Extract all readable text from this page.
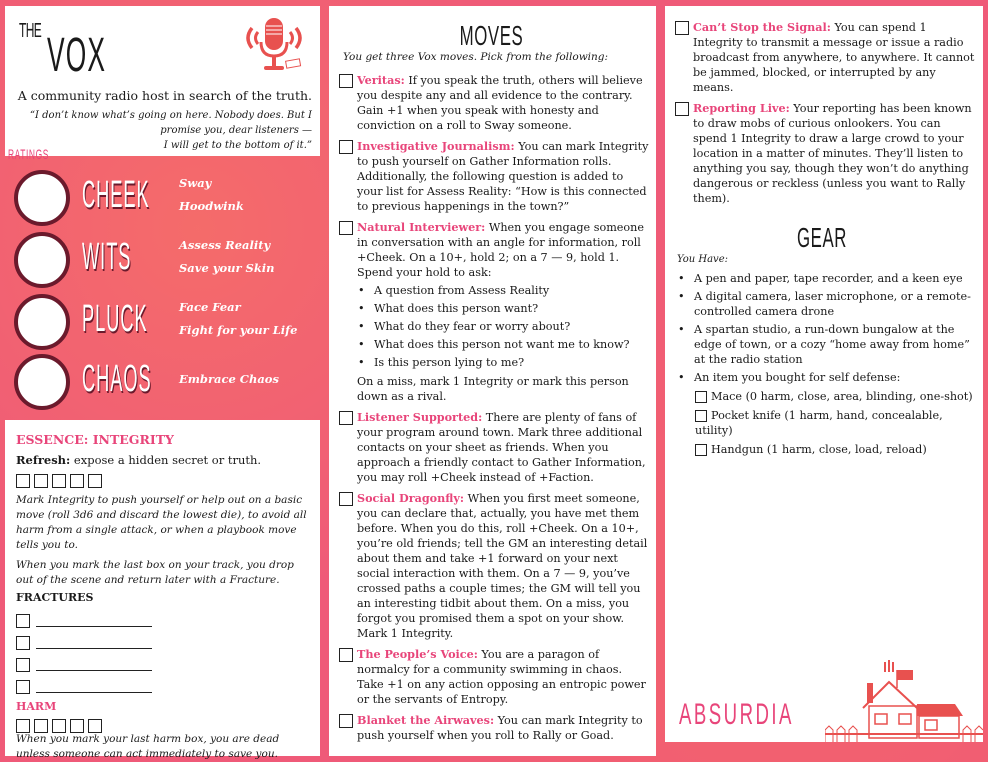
THE VOX
A community radio host in search of the truth.
“I don’t know what’s going on here. Nobody does. But I promise you, dear listeners —
I will get to the bottom of it.”
RATINGS
CHEEK	Sway
Hoodwink
WITS	Assess Reality
Save your Skin
PLUCK	Face Fear
Fight for your Life
CHAOS Embrace Chaos
ESSENCE: INTEGRITY
Refresh: expose a hidden secret or truth.
Mark Integrity to push yourself or help out on a basic move (roll 3d6 and discard the lowest die), to avoid all harm from a single attack, or when a playbook move tells you to.
When you mark the last box on your track, you drop out of the scene and return later with a Fracture.
FRACTURES
HARM
When you mark your last harm box, you are dead unless someone can act immediately to save you.
MOVES
You get three Vox moves. Pick from the following:
Veritas: If you speak the truth, others will believe you despite any and all evidence to the contrary. Gain +1 when you speak with honesty and conviction on a roll to Sway someone.
Investigative Journalism: You can mark Integrity to push yourself on Gather Information rolls. Additionally, the following question is added to your list for Assess Reality: “How is this connected to previous happenings in the town?”
Natural Interviewer: When you engage someone in conversation with an angle for information, roll +Cheek. On a 10+, hold 2; on a 7 — 9, hold 1. Spend your hold to ask:
• A question from Assess Reality
• What does this person want?
• What do they fear or worry about?
• What does this person not want me to know?
• Is this person lying to me?
On a miss, mark 1 Integrity or mark this person down as a rival.
Listener Supported: There are plenty of fans of your program around town. Mark three additional contacts on your sheet as friends. When you approach a friendly contact to Gather Information, you may roll +Cheek instead of +Faction.
Social Dragonfly: When you first meet someone, you can declare that, actually, you have met them before. When you do this, roll +Cheek. On a 10+, you’re old friends; tell the GM an interesting detail about them and take +1 forward on your next social interaction with them. On a 7 — 9, you’ve crossed paths a couple times; the GM will tell you an interesting tidbit about them. On a miss, you forgot you promised them a spot on your show. Mark 1 Integrity.
The People’s Voice: You are a paragon of normalcy for a community swimming in chaos. Take +1 on any action opposing an entropic power or the servants of Entropy.
Blanket the Airwaves: You can mark Integrity to push yourself when you roll to Rally or Goad.
Can’t Stop the Signal: You can spend 1 Integrity to transmit a message or issue a radio broadcast from anywhere, to anywhere. It cannot be jammed, blocked, or interrupted by any means.
Reporting Live: Your reporting has been known to draw mobs of curious onlookers. You can spend 1 Integrity to draw a large crowd to your location in a matter of minutes. They’ll listen to anything you say, though they won’t do anything dangerous or reckless (unless you want to Rally them).
GEAR
You Have:
• A pen and paper, tape recorder, and a keen eye
• A digital camera, laser microphone, or a remote-controlled camera drone
• A spartan studio, a run-down bungalow at the edge of town, or a cozy “home away from home” at the radio station
• An item you bought for self defense:
Mace (0 harm, close, area, blinding, one-shot)
Pocket knife (1 harm, hand, concealable, utility)
Handgun (1 harm, close, load, reload)
ABSURDIA
